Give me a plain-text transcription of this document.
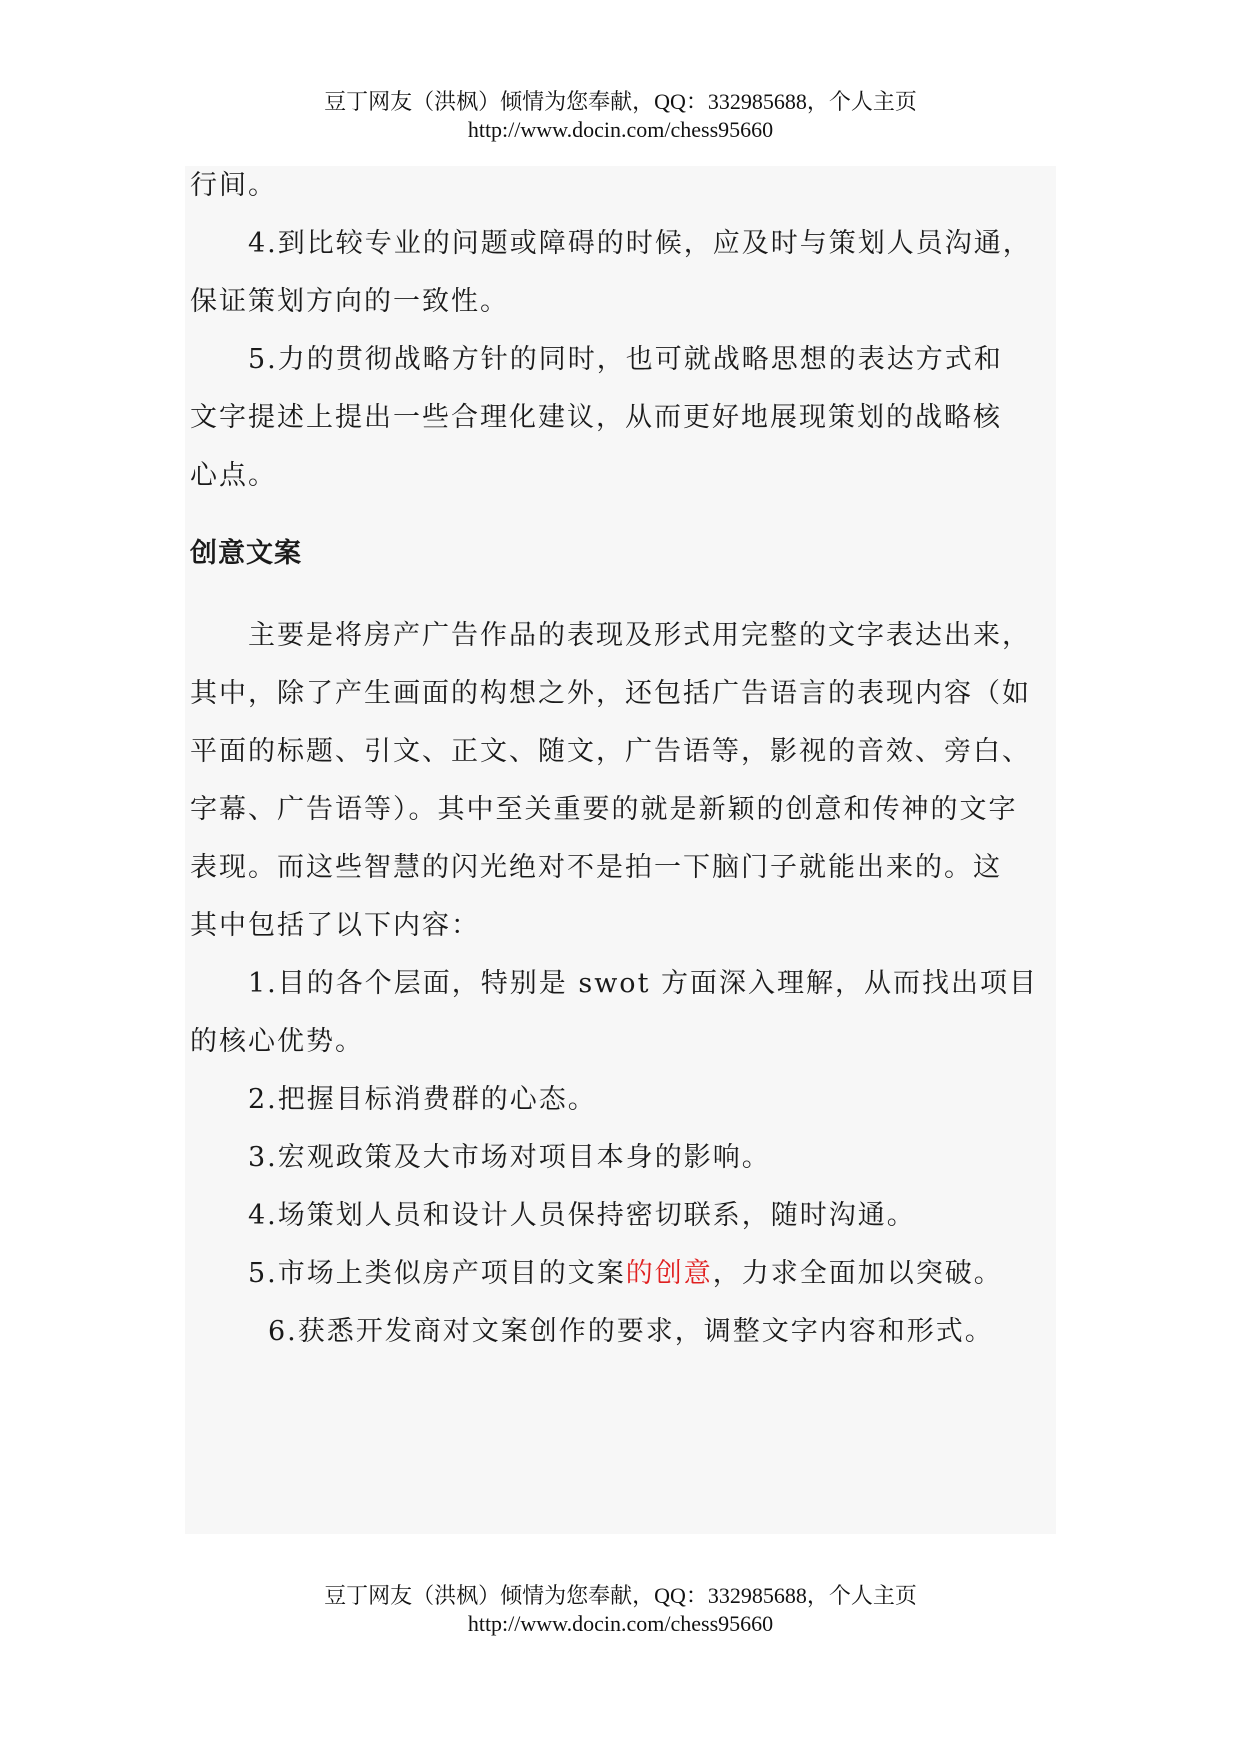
豆丁网友（洪枫）倾情为您奉献，QQ：332985688，个人主页
http://www.docin.com/chess95660
行间。
4.到比较专业的问题或障碍的时候，应及时与策划人员沟通，
保证策划方向的一致性。
5.力的贯彻战略方针的同时，也可就战略思想的表达方式和
文字提述上提出一些合理化建议，从而更好地展现策划的战略核
心点。
创意文案
主要是将房产广告作品的表现及形式用完整的文字表达出来，
其中，除了产生画面的构想之外，还包括广告语言的表现内容（如
平面的标题、引文、正文、随文，广告语等，影视的音效、旁白、
字幕、广告语等）。其中至关重要的就是新颖的创意和传神的文字
表现。而这些智慧的闪光绝对不是拍一下脑门子就能出来的。这
其中包括了以下内容：
1.目的各个层面，特别是 swot 方面深入理解，从而找出项目
的核心优势。
2.把握目标消费群的心态。
3.宏观政策及大市场对项目本身的影响。
4.场策划人员和设计人员保持密切联系，随时沟通。
5.市场上类似房产项目的文案的创意，力求全面加以突破。
6.获悉开发商对文案创作的要求，调整文字内容和形式。
豆丁网友（洪枫）倾情为您奉献，QQ：332985688，个人主页
http://www.docin.com/chess95660
